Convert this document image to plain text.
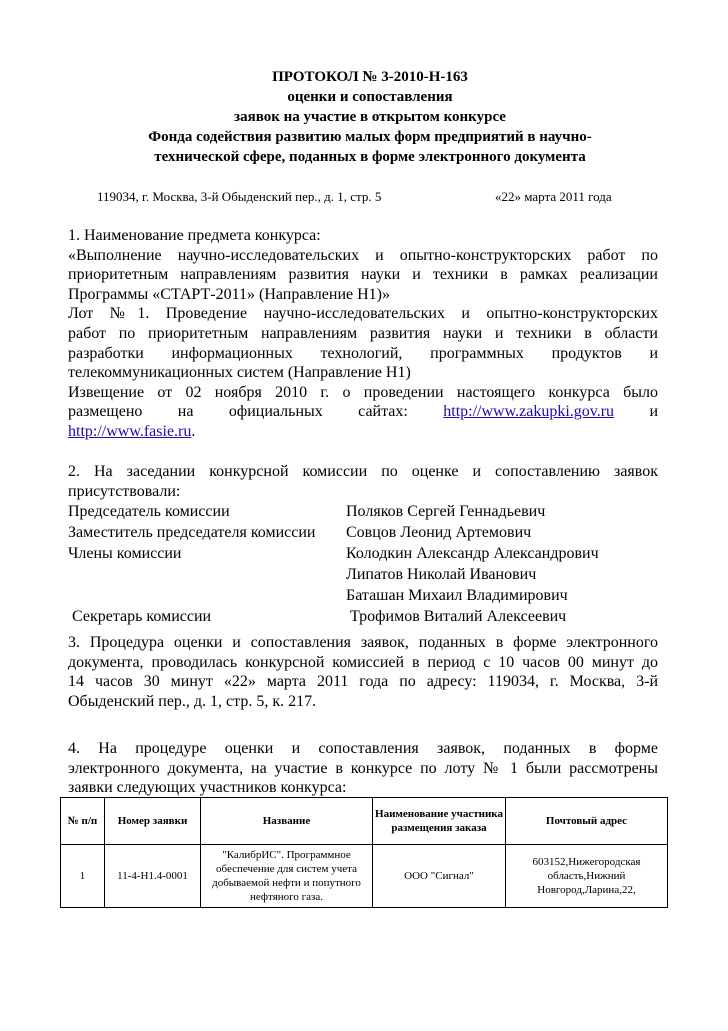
ПРОТОКОЛ № 3-2010-Н-163
оценки и сопоставления
заявок на участие в открытом конкурсе
Фонда содействия развитию малых форм предприятий в научно-
технической сфере, поданных в форме электронного документа
119034, г. Москва, 3-й Обыденский пер., д. 1, стр. 5	«22» марта 2011 года
1. Наименование предмета конкурса:
«Выполнение научно-исследовательских и опытно-конструкторских работ по
приоритетным направлениям развития науки и техники в рамках реализации
Программы «СТАРТ-2011» (Направление Н1)»
Лот №1. Проведение научно-исследовательских и опытно-конструкторских
работ по приоритетным направлениям развития науки и техники в области
разработки информационных технологий, программных продуктов и
телекоммуникационных систем (Направление Н1)
Извещение от 02 ноября 2010 г. о проведении настоящего конкурса было
размещено на официальных сайтах: http://www.zakupki.gov.ru и
http://www.fasie.ru.
2. На заседании конкурсной комиссии по оценке и сопоставлению заявок
присутствовали:
Председатель комиссии	Поляков Сергей Геннадьевич
Заместитель председателя комиссии Совцов Леонид Артемович
Члены комиссии	Колодкин Александр Александрович
Липатов Николай Иванович
Баташан Михаил Владимирович
Секретарь комиссии	Трофимов Виталий Алексеевич
3. Процедура оценки и сопоставления заявок, поданных в форме электронного
документа, проводилась конкурсной комиссией в период с 10 часов 00 минут до
14 часов 30 минут «22» марта 2011 года по адресу: 119034, г. Москва, 3-й
Обыденский пер., д. 1, стр. 5, к. 217.
4. На процедуре оценки и сопоставления заявок, поданных в форме
электронного документа, на участие в конкурсе по лоту № 1 были рассмотрены
заявки следующих участников конкурса:
№ п/п	Номер заявки	Название	Наименование участника размещения заказа	Почтовый адрес
1	11-4-Н1.4-0001	"КалибрИС". Программное обеспечение для систем учета добываемой нефти и попутного нефтяного газа.	ООО "Сигнал"	603152,Нижегородская область,Нижний Новгород,Ларина,22,
